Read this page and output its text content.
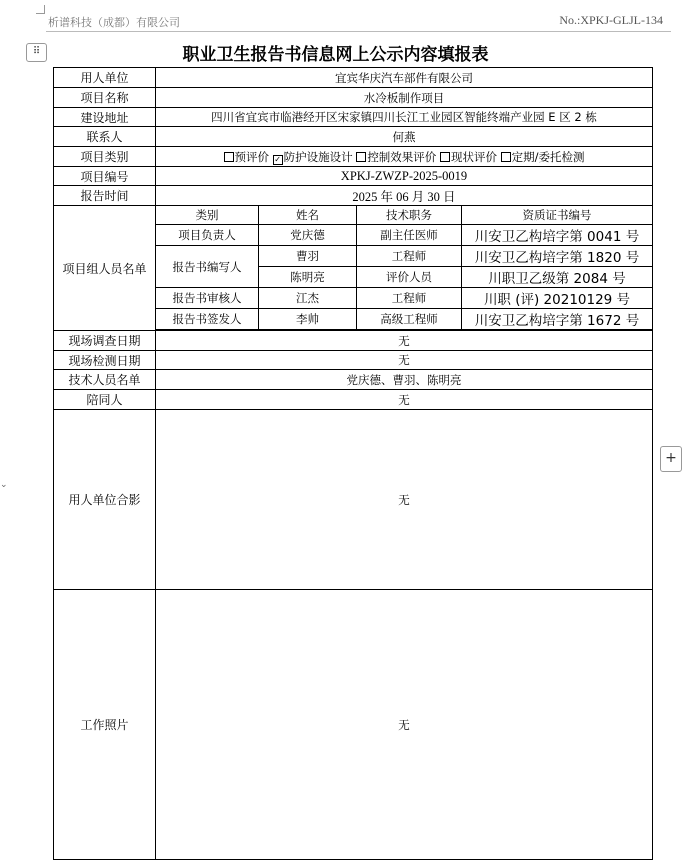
析谱科技（成都）有限公司	No.:XPKJ-GLJL-134
⠿
+
⌄
职业卫生报告书信息网上公示内容填报表
用人单位	宜宾华庆汽车部件有限公司			
项目名称	水冷板制作项目			
建设地址	四川省宜宾市临港经开区宋家镇四川长江工业园区智能终端产业园 E 区 2 栋			
联系人	何燕			
项目类别	预评价 ✓ 防护设施设计 控制效果评价 现状评价 定期/委托检测			
项目编号	XPKJ-ZWZP-2025-0019			
报告时间	2025 年 06 月 30 日			
项目组人员名单	类别	姓名	技术职务	资质证书编号
	项目负责人	党庆德	副主任医师	川安卫乙构培字第 0041 号
	报告书编写人	曹羽	工程师	川安卫乙构培字第 1820 号
		陈明亮	评价人员	川职卫乙级第 2084 号
	报告书审核人	江杰	工程师	川职 (评) 20210129 号
	报告书签发人	李帅	高级工程师	川安卫乙构培字第 1672 号

现场调查日期	无			
现场检测日期	无			
技术人员名单	党庆德、曹羽、陈明亮			
陪同人	无			
用人单位合影	无			
工作照片	无			
